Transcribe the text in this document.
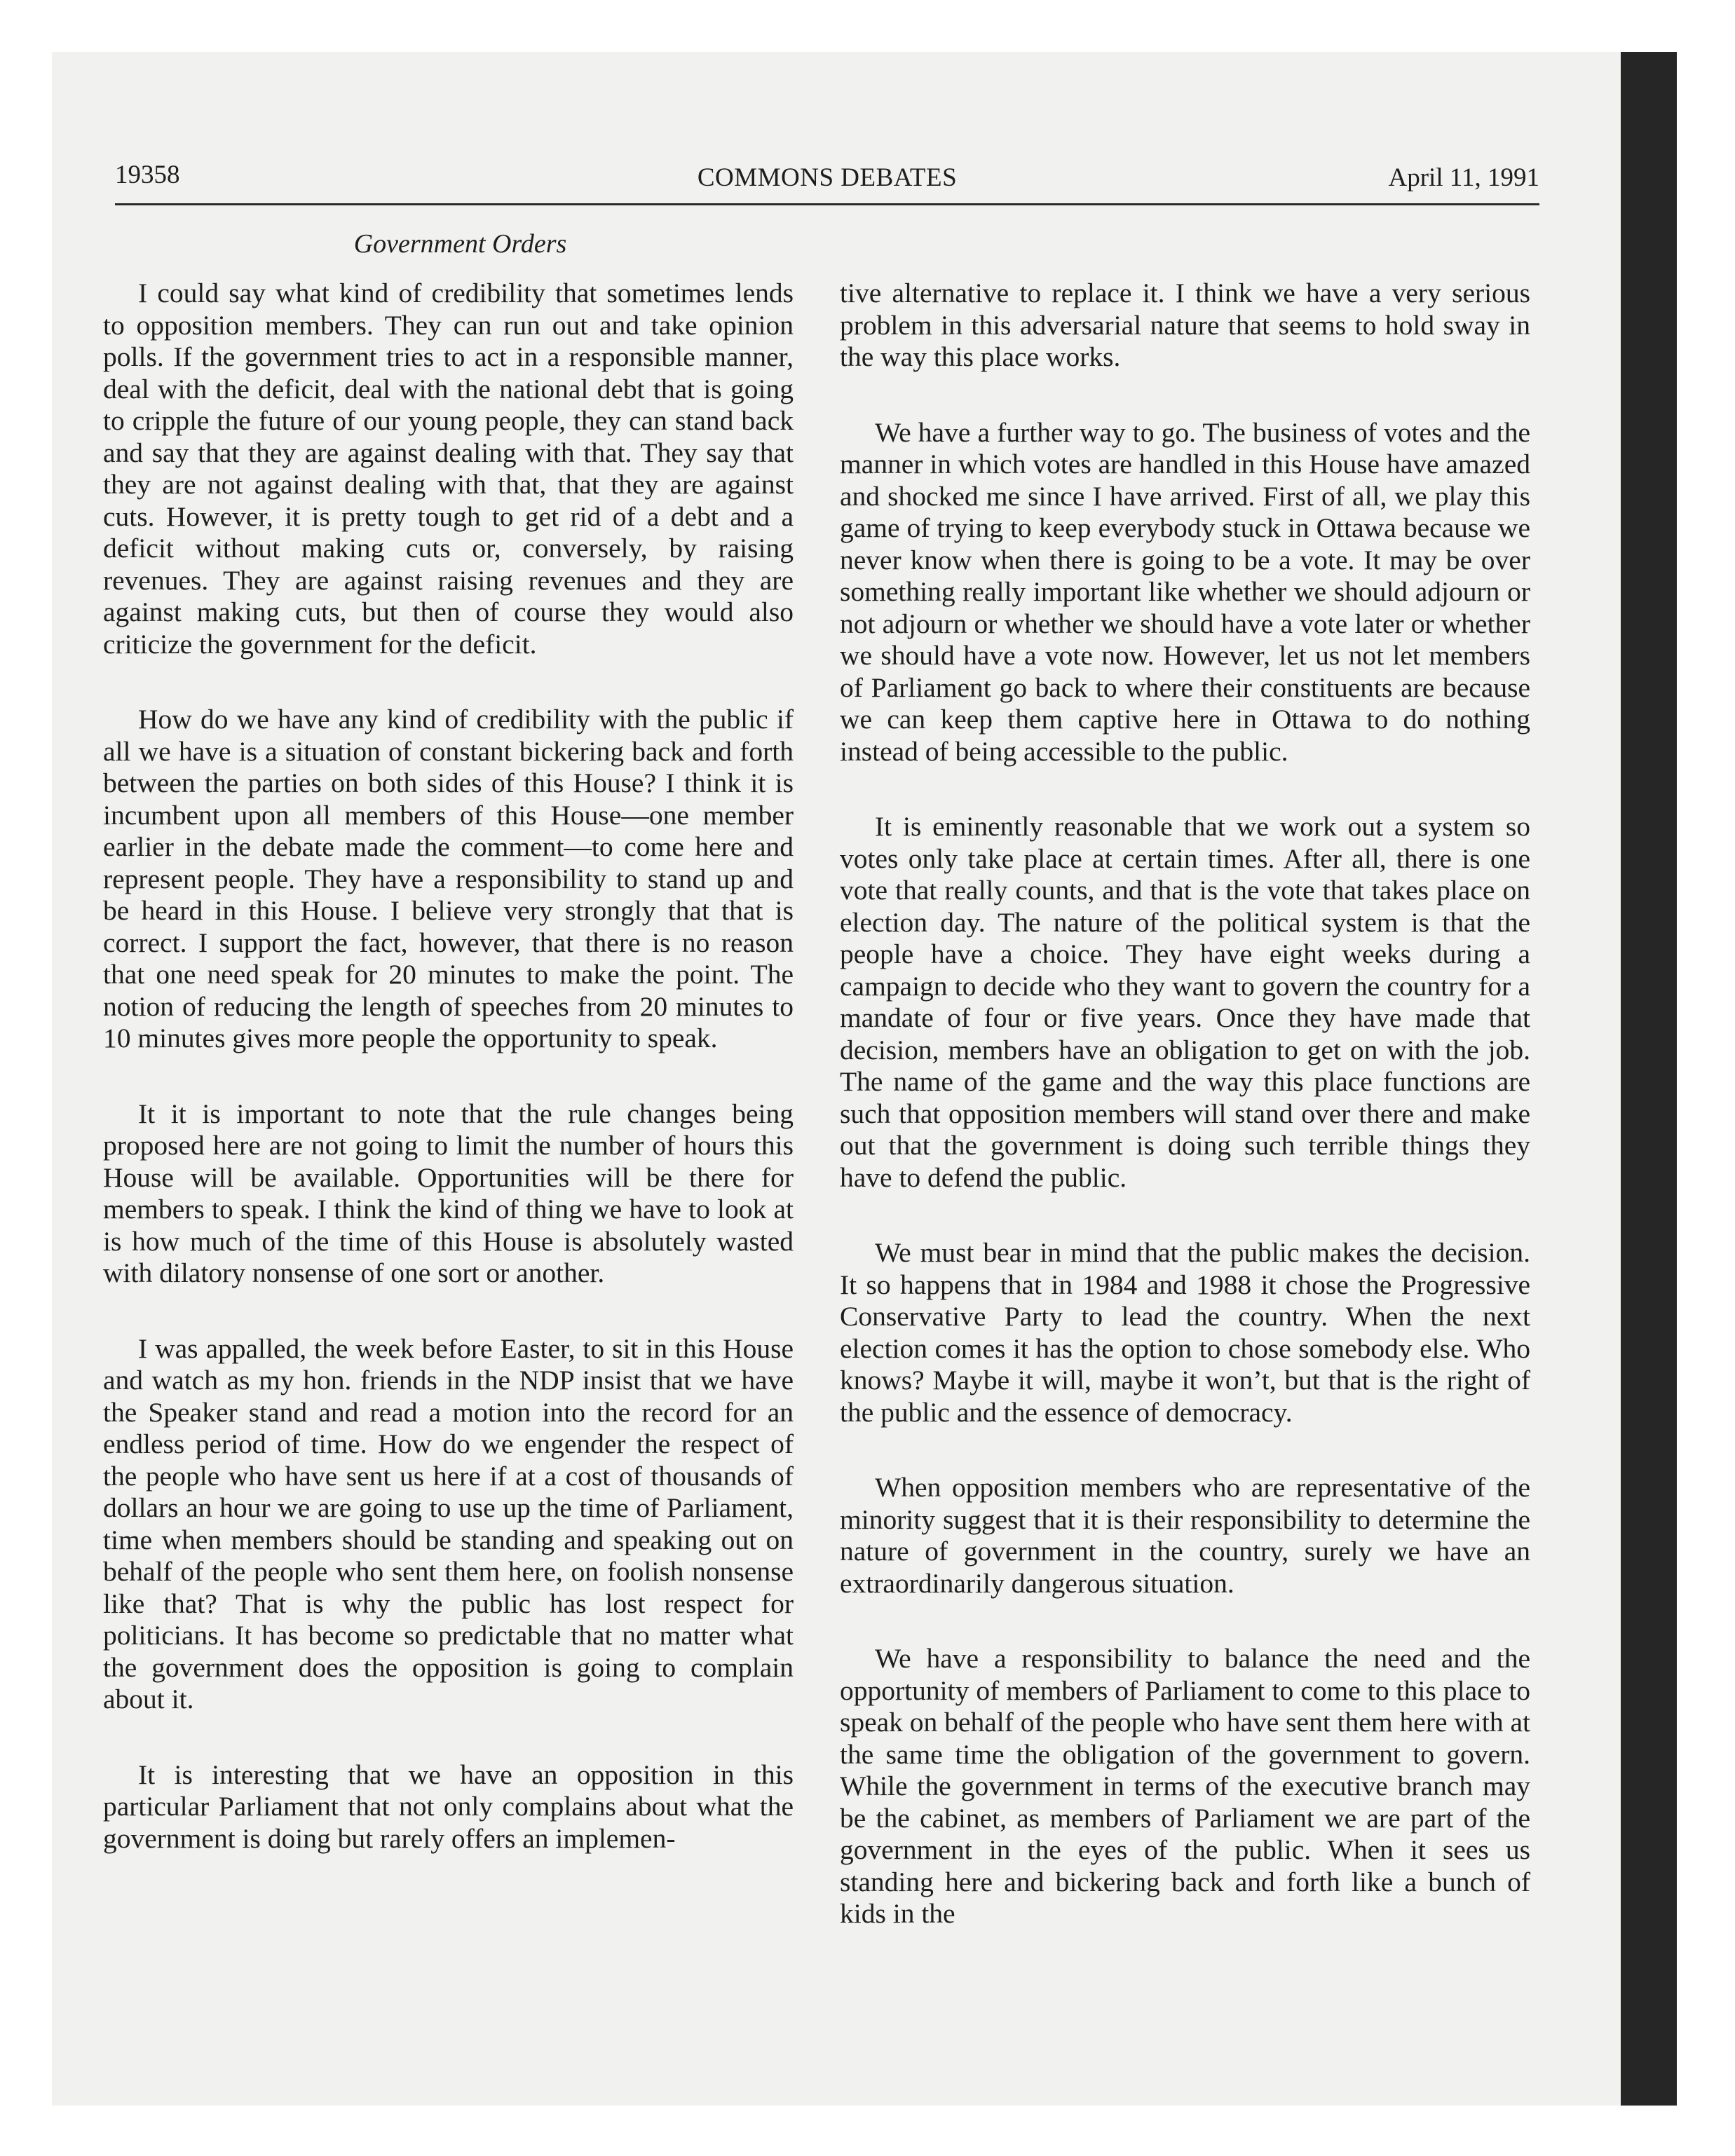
19358	COMMONS DEBATES	April 11, 1991
Government Orders

I could say what kind of credibility that sometimes lends to opposition members. They can run out and take opinion polls. If the government tries to act in a responsible manner, deal with the deficit, deal with the national debt that is going to cripple the future of our young people, they can stand back and say that they are against dealing with that. They say that they are not against dealing with that, that they are against cuts. However, it is pretty tough to get rid of a debt and a deficit without making cuts or, conversely, by raising revenues. They are against raising revenues and they are against making cuts, but then of course they would also criticize the government for the deficit.

How do we have any kind of credibility with the public if all we have is a situation of constant bickering back and forth between the parties on both sides of this House? I think it is incumbent upon all members of this House—one member earlier in the debate made the comment—to come here and represent people. They have a responsibility to stand up and be heard in this House. I believe very strongly that that is correct. I support the fact, however, that there is no reason that one need speak for 20 minutes to make the point. The notion of reducing the length of speeches from 20 minutes to 10 minutes gives more people the opportunity to speak.

It it is important to note that the rule changes being proposed here are not going to limit the number of hours this House will be available. Opportunities will be there for members to speak. I think the kind of thing we have to look at is how much of the time of this House is absolutely wasted with dilatory nonsense of one sort or another.

I was appalled, the week before Easter, to sit in this House and watch as my hon. friends in the NDP insist that we have the Speaker stand and read a motion into the record for an endless period of time. How do we engender the respect of the people who have sent us here if at a cost of thousands of dollars an hour we are going to use up the time of Parliament, time when members should be standing and speaking out on behalf of the people who sent them here, on foolish nonsense like that? That is why the public has lost respect for politicians. It has become so predictable that no matter what the government does the opposition is going to complain about it.

It is interesting that we have an opposition in this particular Parliament that not only complains about what the government is doing but rarely offers an implemen-

tive alternative to replace it. I think we have a very serious problem in this adversarial nature that seems to hold sway in the way this place works.

We have a further way to go. The business of votes and the manner in which votes are handled in this House have amazed and shocked me since I have arrived. First of all, we play this game of trying to keep everybody stuck in Ottawa because we never know when there is going to be a vote. It may be over something really important like whether we should adjourn or not adjourn or whether we should have a vote later or whether we should have a vote now. However, let us not let members of Parliament go back to where their constituents are because we can keep them captive here in Ottawa to do nothing instead of being accessible to the public.

It is eminently reasonable that we work out a system so votes only take place at certain times. After all, there is one vote that really counts, and that is the vote that takes place on election day. The nature of the political system is that the people have a choice. They have eight weeks during a campaign to decide who they want to govern the country for a mandate of four or five years. Once they have made that decision, members have an obligation to get on with the job. The name of the game and the way this place functions are such that opposition members will stand over there and make out that the government is doing such terrible things they have to defend the public.

We must bear in mind that the public makes the decision. It so happens that in 1984 and 1988 it chose the Progressive Conservative Party to lead the country. When the next election comes it has the option to chose somebody else. Who knows? Maybe it will, maybe it won’t, but that is the right of the public and the essence of democracy.

When opposition members who are representative of the minority suggest that it is their responsibility to determine the nature of government in the country, surely we have an extraordinarily dangerous situation.

We have a responsibility to balance the need and the opportunity of members of Parliament to come to this place to speak on behalf of the people who have sent them here with at the same time the obligation of the government to govern. While the government in terms of the executive branch may be the cabinet, as members of Parliament we are part of the government in the eyes of the public. When it sees us standing here and bickering back and forth like a bunch of kids in the
